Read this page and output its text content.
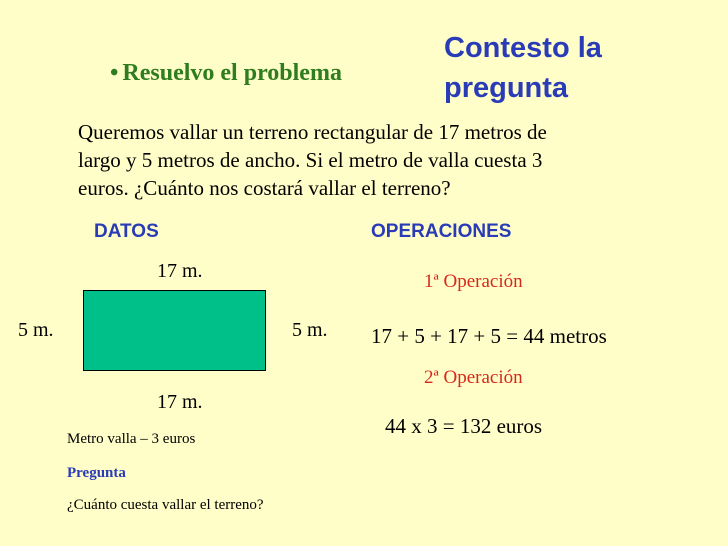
• Resuelvo el problema
Contesto la
pregunta
Queremos vallar un terreno rectangular de 17 metros de
largo y 5 metros de ancho. Si el metro de valla cuesta 3
euros. ¿Cuánto nos costará vallar el terreno?
DATOS	OPERACIONES
17 m.
5 m.	5 m.
17 m.
Metro valla – 3 euros
Pregunta
¿Cuánto cuesta vallar el terreno?
1ª Operación
17 + 5 + 17 + 5 = 44 metros
2ª Operación
44 x 3 = 132 euros
